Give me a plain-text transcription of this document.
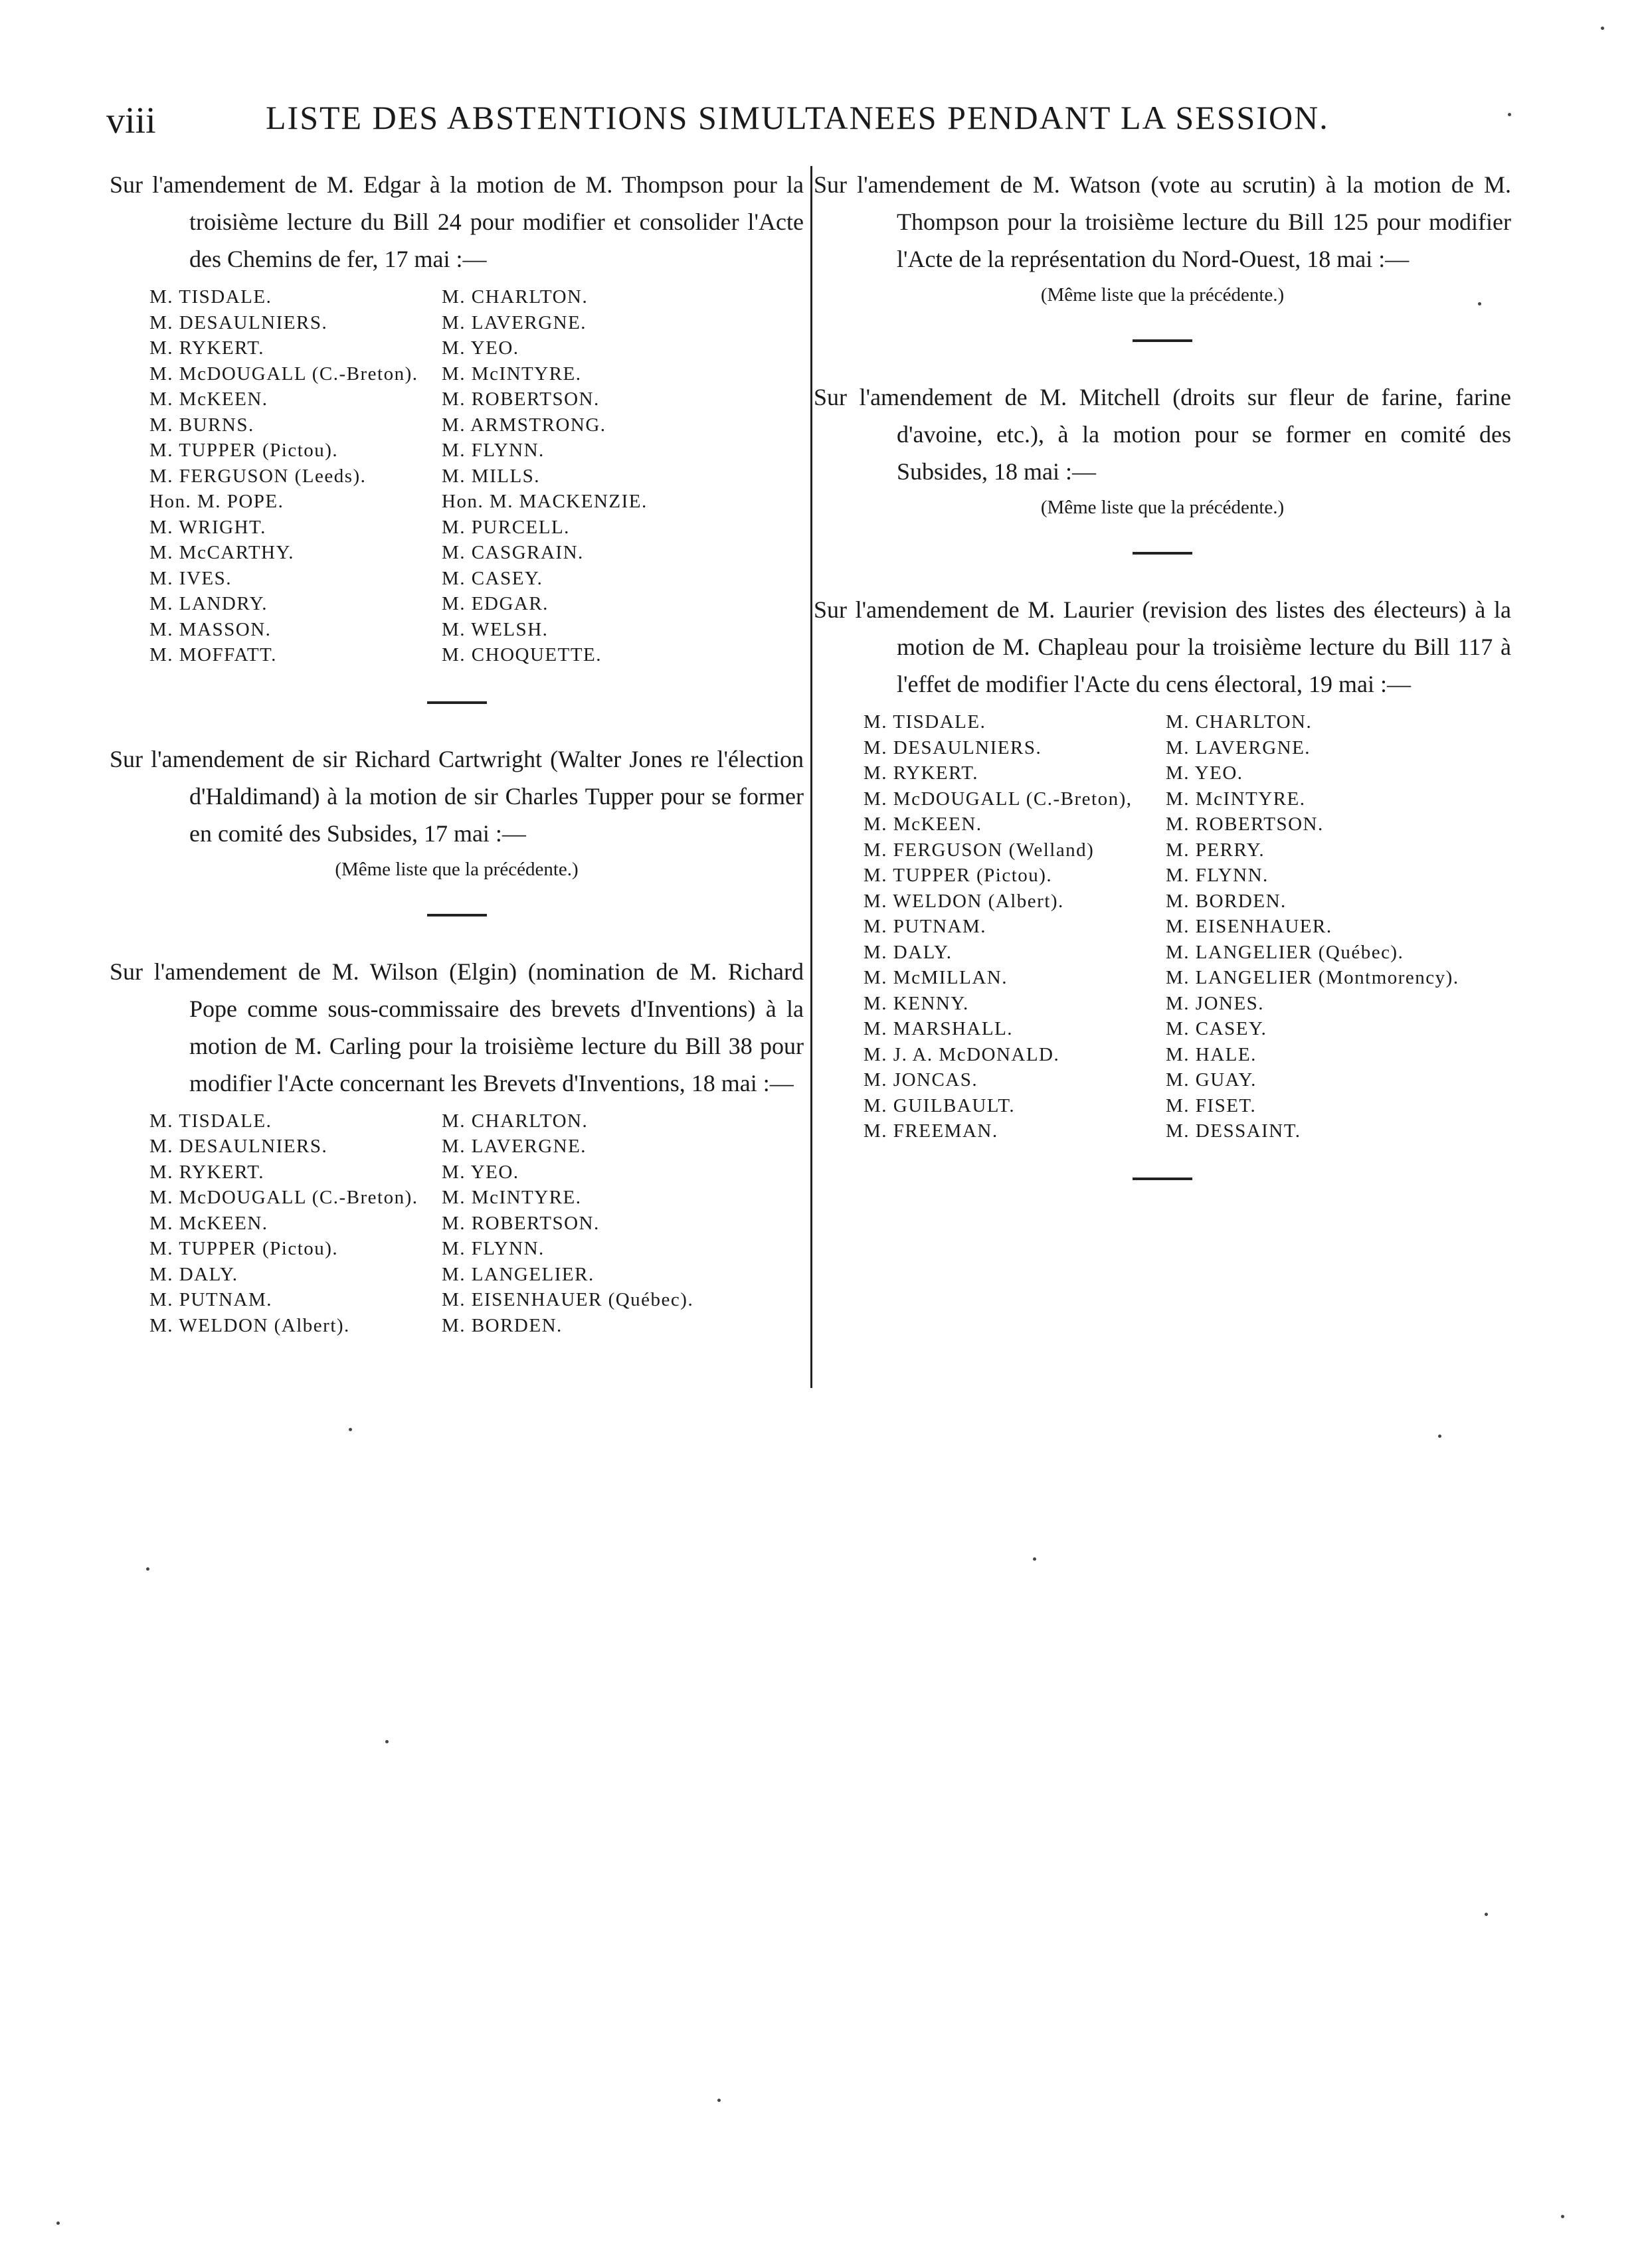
viii	LISTE DES ABSTENTIONS SIMULTANEES PENDANT LA SESSION.

Sur l'amendement de M. Edgar à la motion de M. Thompson pour la troisième lecture du Bill 24 pour modifier et consolider l'Acte des Chemins de fer, 17 mai :—

M. TISDALE.	M. CHARLTON.
M. DESAULNIERS.	M. LAVERGNE.
M. RYKERT.	M. YEO.
M. McDOUGALL (C.-Breton).	M. McINTYRE.
M. McKEEN.	M. ROBERTSON.
M. BURNS.	M. ARMSTRONG.
M. TUPPER (Pictou).	M. FLYNN.
M. FERGUSON (Leeds).	M. MILLS.
Hon. M. POPE.	Hon. M. MACKENZIE.
M. WRIGHT.	M. PURCELL.
M. McCARTHY.	M. CASGRAIN.
M. IVES.	M. CASEY.
M. LANDRY.	M. EDGAR.
M. MASSON.	M. WELSH.
M. MOFFATT.	M. CHOQUETTE.

Sur l'amendement de sir Richard Cartwright (Walter Jones re l'élection d'Haldimand) à la motion de sir Charles Tupper pour se former en comité des Subsides, 17 mai :—

(Même liste que la précédente.)

Sur l'amendement de M. Wilson (Elgin) (nomination de M. Richard Pope comme sous-commissaire des brevets d'Inventions) à la motion de M. Carling pour la troisième lecture du Bill 38 pour modifier l'Acte concernant les Brevets d'Inventions, 18 mai :—

M. TISDALE.	M. CHARLTON.
M. DESAULNIERS.	M. LAVERGNE.
M. RYKERT.	M. YEO.
M. McDOUGALL (C.-Breton).	M. McINTYRE.
M. McKEEN.	M. ROBERTSON.
M. TUPPER (Pictou).	M. FLYNN.
M. DALY.	M. LANGELIER.
M. PUTNAM.	M. EISENHAUER (Québec).
M. WELDON (Albert).	M. BORDEN.

Sur l'amendement de M. Watson (vote au scrutin) à la motion de M. Thompson pour la troisième lecture du Bill 125 pour modifier l'Acte de la représentation du Nord-Ouest, 18 mai :—

(Même liste que la précédente.)

Sur l'amendement de M. Mitchell (droits sur fleur de farine, farine d'avoine, etc.), à la motion pour se former en comité des Subsides, 18 mai :—

(Même liste que la précédente.)

Sur l'amendement de M. Laurier (revision des listes des électeurs) à la motion de M. Chapleau pour la troisième lecture du Bill 117 à l'effet de modifier l'Acte du cens électoral, 19 mai :—

M. TISDALE.	M. CHARLTON.
M. DESAULNIERS.	M. LAVERGNE.
M. RYKERT.	M. YEO.
M. McDOUGALL (C.-Breton),	M. McINTYRE.
M. McKEEN.	M. ROBERTSON.
M. FERGUSON (Welland)	M. PERRY.
M. TUPPER (Pictou).	M. FLYNN.
M. WELDON (Albert).	M. BORDEN.
M. PUTNAM.	M. EISENHAUER.
M. DALY.	M. LANGELIER (Québec).
M. McMILLAN.	M. LANGELIER (Montmorency).
M. KENNY.	M. JONES.
M. MARSHALL.	M. CASEY.
M. J. A. McDONALD.	M. HALE.
M. JONCAS.	M. GUAY.
M. GUILBAULT.	M. FISET.
M. FREEMAN.	M. DESSAINT.
